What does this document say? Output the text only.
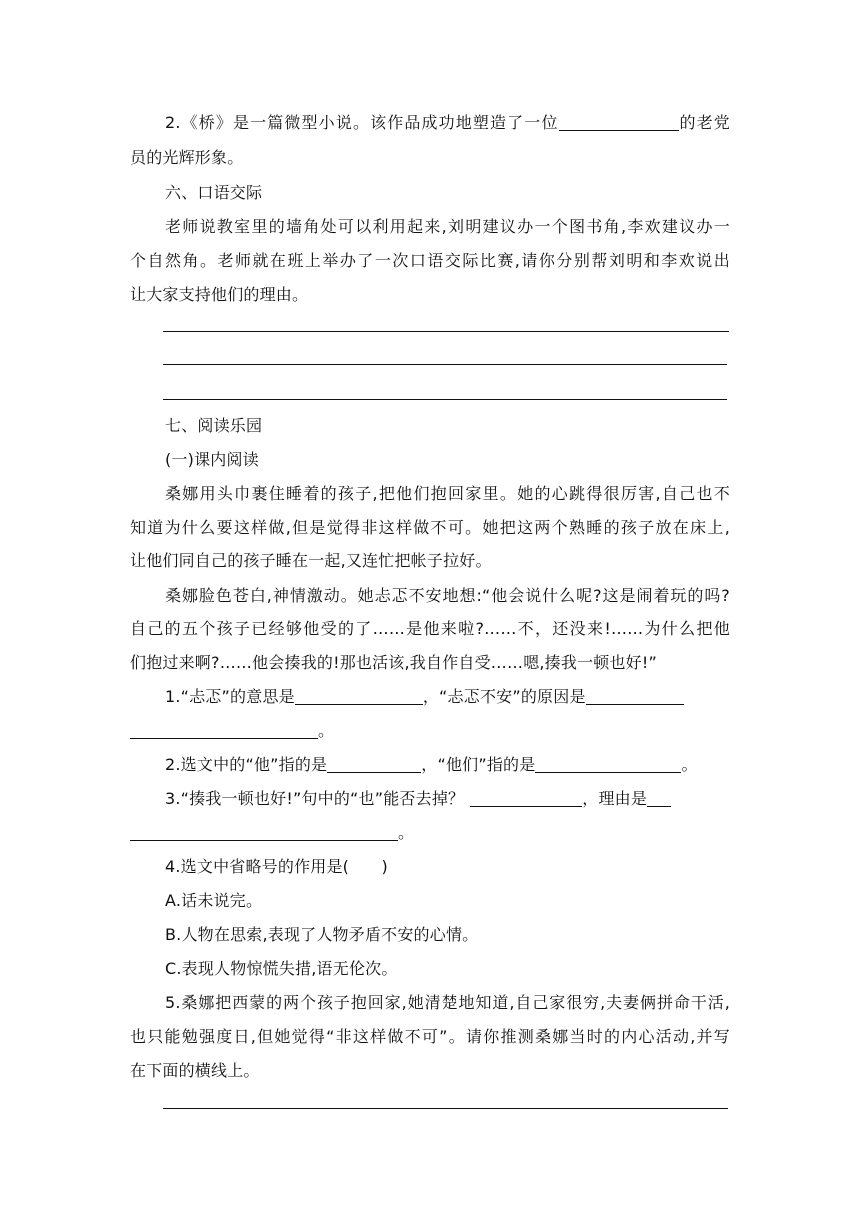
2.《桥》是一篇微型小说。该作品成功地塑造了一位	的老党
员的光辉形象。
六、口语交际
老师说教室里的墙角处可以利用起来,刘明建议办一个图书角,李欢建议办一
个自然角。老师就在班上举办了一次口语交际比赛,请你分别帮刘明和李欢说出
让大家支持他们的理由。
七、阅读乐园
(一)课内阅读
桑娜用头巾裹住睡着的孩子,把他们抱回家里。她的心跳得很厉害,自己也不
知道为什么要这样做,但是觉得非这样做不可。她把这两个熟睡的孩子放在床上,
让他们同自己的孩子睡在一起,又连忙把帐子拉好。
桑娜脸色苍白,神情激动。她忐忑不安地想:“他会说什么呢?这是闹着玩的吗?
自己的五个孩子已经够他受的了……是他来啦?……不，还没来!……为什么把他
们抱过来啊?……他会揍我的!那也活该,我自作自受……嗯,揍我一顿也好!”
1.“忐忑”的意思是	，“忐忑不安”的原因是
。
2.选文中的“他”指的是	，“他们”指的是	。
3.“揍我一顿也好!”句中的“也”能否去掉？	，理由是
。
4.选文中省略号的作用是(　　)
A.话未说完。
B.人物在思索,表现了人物矛盾不安的心情。
C.表现人物惊慌失措,语无伦次。
5.桑娜把西蒙的两个孩子抱回家,她清楚地知道,自己家很穷,夫妻俩拼命干活,
也只能勉强度日,但她觉得“非这样做不可”。请你推测桑娜当时的内心活动,并写
在下面的横线上。
